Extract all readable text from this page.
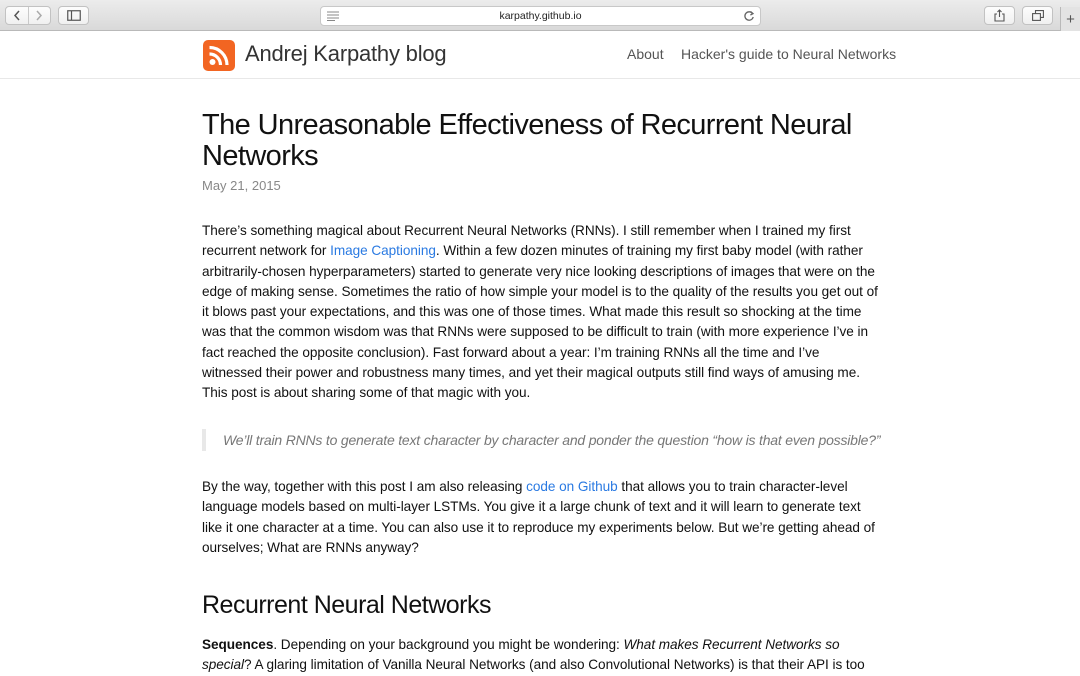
karpathy.github.io	+
Andrej Karpathy blog	About Hacker's guide to Neural Networks
The Unreasonable Effectiveness of Recurrent Neural Networks
May 21, 2015

There’s something magical about Recurrent Neural Networks (RNNs). I still remember when I trained my first recurrent network for Image Captioning. Within a few dozen minutes of training my first baby model (with rather arbitrarily-chosen hyperparameters) started to generate very nice looking descriptions of images that were on the edge of making sense. Sometimes the ratio of how simple your model is to the quality of the results you get out of it blows past your expectations, and this was one of those times. What made this result so shocking at the time was that the common wisdom was that RNNs were supposed to be difficult to train (with more experience I’ve in fact reached the opposite conclusion). Fast forward about a year: I’m training RNNs all the time and I’ve witnessed their power and robustness many times, and yet their magical outputs still find ways of amusing me. This post is about sharing some of that magic with you.

We’ll train RNNs to generate text character by character and ponder the question “how is that even possible?”

By the way, together with this post I am also releasing code on Github that allows you to train character-level language models based on multi-layer LSTMs. You give it a large chunk of text and it will learn to generate text like it one character at a time. You can also use it to reproduce my experiments below. But we’re getting ahead of ourselves; What are RNNs anyway?

Recurrent Neural Networks

Sequences. Depending on your background you might be wondering: What makes Recurrent Networks so special? A glaring limitation of Vanilla Neural Networks (and also Convolutional Networks) is that their API is too
